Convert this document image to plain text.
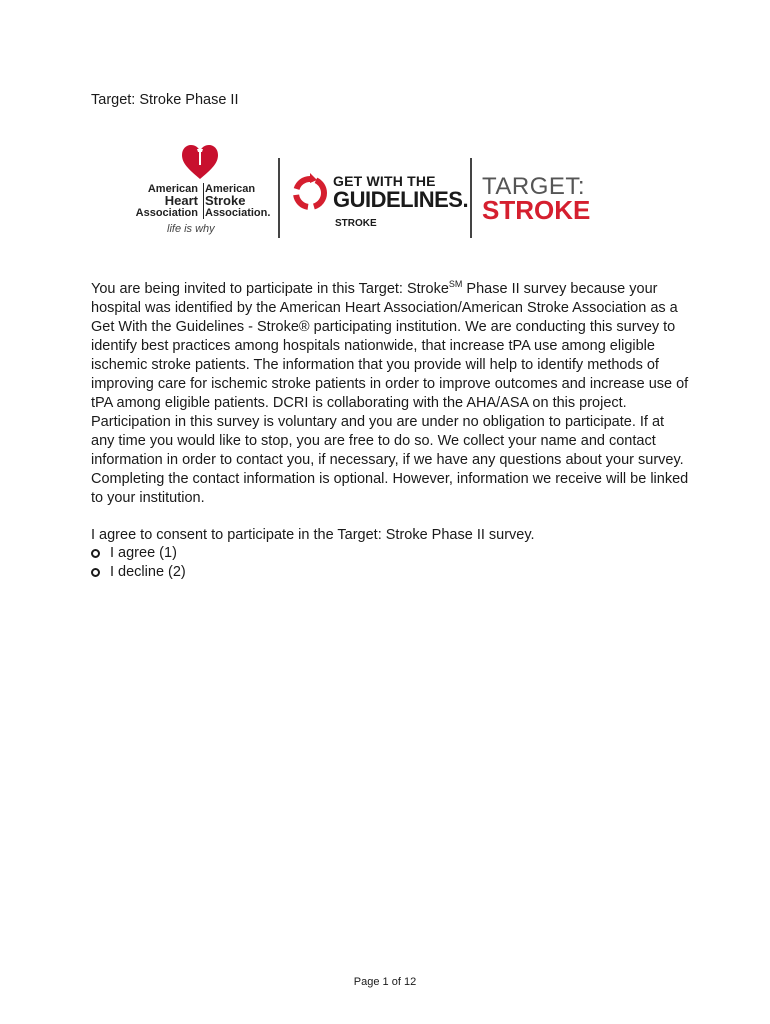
Target: Stroke Phase II
American
Heart
Association
American
Stroke
Association.
life is why
GET WITH THE
GUIDELINES.
STROKE
TARGET:
STROKE
You are being invited to participate in this Target: Stroke℠ Phase II survey because your hospital was identified by the American Heart Association/American Stroke Association as a Get With the Guidelines - Stroke® participating institution. We are conducting this survey to identify best practices among hospitals nationwide, that increase tPA use among eligible ischemic stroke patients. The information that you provide will help to identify methods of improving care for ischemic stroke patients in order to improve outcomes and increase use of tPA among eligible patients. DCRI is collaborating with the AHA/ASA on this project. Participation in this survey is voluntary and you are under no obligation to participate. If at any time you would like to stop, you are free to do so. We collect your name and contact information in order to contact you, if necessary, if we have any questions about your survey. Completing the contact information is optional. However, information we receive will be linked to your institution.
I agree to consent to participate in the Target: Stroke Phase II survey.
I agree (1)
I decline (2)
Page 1 of 12
